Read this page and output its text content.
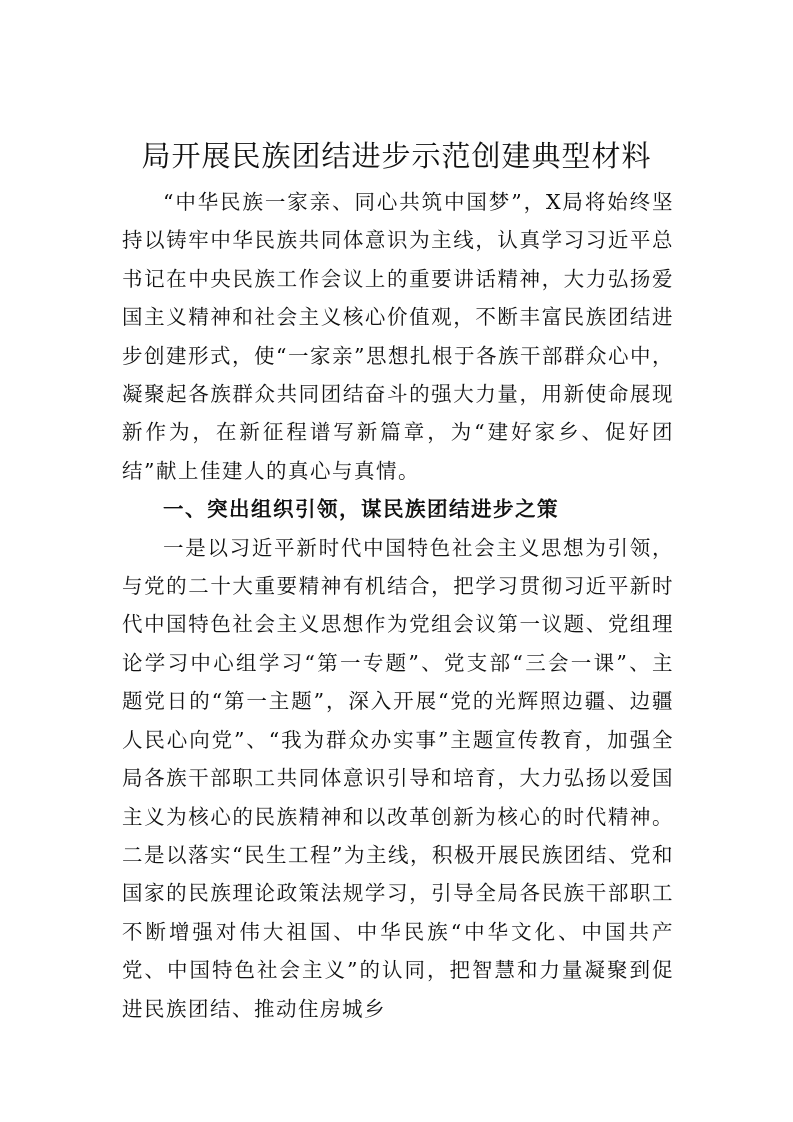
局开展民族团结进步示范创建典型材料

“中华民族一家亲、同心共筑中国梦”，X局将始终坚持以铸牢中华民族共同体意识为主线，认真学习习近平总书记在中央民族工作会议上的重要讲话精神，大力弘扬爱国主义精神和社会主义核心价值观，不断丰富民族团结进步创建形式，使“一家亲”思想扎根于各族干部群众心中，凝聚起各族群众共同团结奋斗的强大力量，用新使命展现新作为，在新征程谱写新篇章，为“建好家乡、促好团结”献上佳建人的真心与真情。

一、突出组织引领，谋民族团结进步之策

一是以习近平新时代中国特色社会主义思想为引领，与党的二十大重要精神有机结合，把学习贯彻习近平新时代中国特色社会主义思想作为党组会议第一议题、党组理论学习中心组学习“第一专题”、党支部“三会一课”、主题党日的“第一主题”，深入开展“党的光辉照边疆、边疆人民心向党”、“我为群众办实事”主题宣传教育，加强全局各族干部职工共同体意识引导和培育，大力弘扬以爱国主义为核心的民族精神和以改革创新为核心的时代精神。二是以落实“民生工程”为主线，积极开展民族团结、党和国家的民族理论政策法规学习，引导全局各民族干部职工不断增强对伟大祖国、中华民族“中华文化、中国共产党、中国特色社会主义”的认同，把智慧和力量凝聚到促进民族团结、推动住房城乡
